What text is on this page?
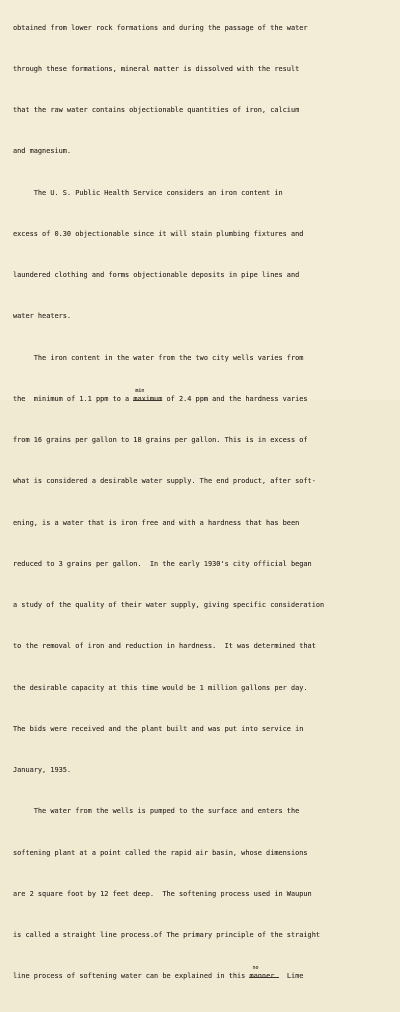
obtained from lower rock formations and during the passage of the water

through these formations, mineral matter is dissolved with the result

that the raw water contains objectionable quantities of iron, calcium

and magnesium.

The U. S. Public Health Service considers an iron content in

excess of 0.30 objectionable since it will stain plumbing fixtures and

laundered clothing and forms objectionable deposits in pipe lines and

water heaters.

The iron content in the water from the two city wells varies from

the  minimum of 1.1 ppm to a maximum
min
of 2.4 ppm and the hardness varies

from 16 grains per gallon to 18 grains per gallon. This is in excess of

what is considered a desirable water supply. The end product, after soft-

ening, is a water that is iron free and with a hardness that has been

reduced to 3 grains per gallon.  In the early 1930's city official began

a study of the quality of their water supply, giving specific consideration

to the removal of iron and reduction in hardness.  It was determined that

the desirable capacity at this time would be 1 million gallons per day.

The bids were received and the plant built and was put into service in

January, 1935.

The water from the wells is pumped to the surface and enters the

softening plant at a point called the rapid air basin, whose dimensions

are 2 square foot by 12 feet deep.  The softening process used in Waupun

is called a straight line process.of The primary principle of the straight

line process of softening water can be explained in this manner.
no
Lime
